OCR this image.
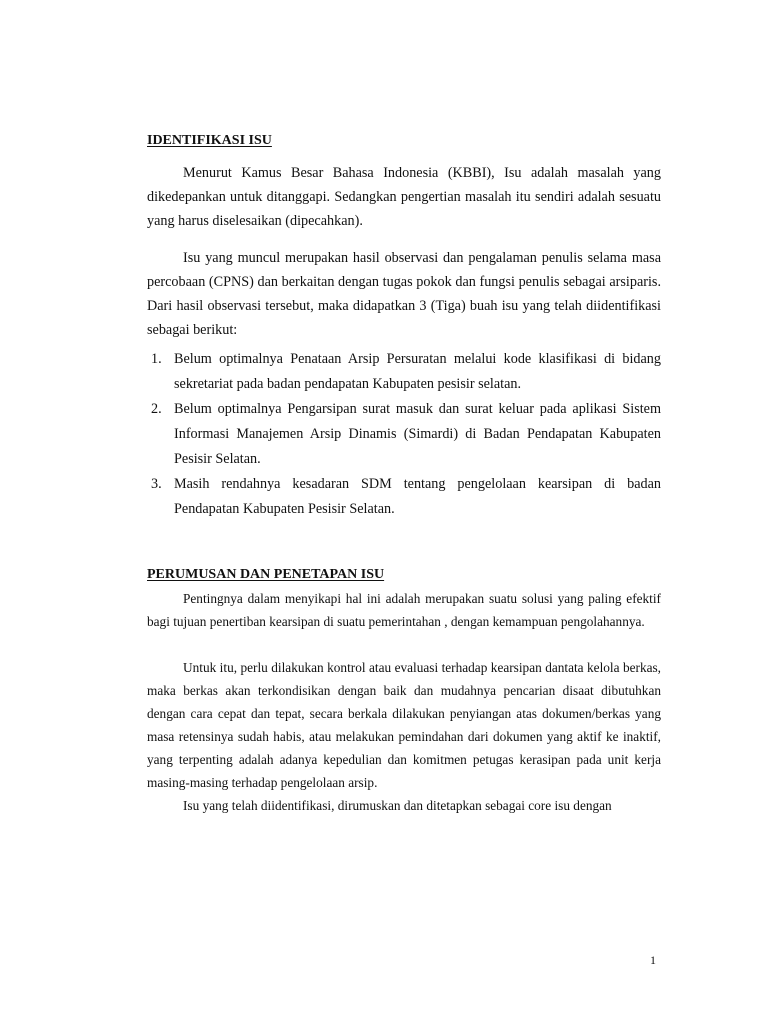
IDENTIFIKASI ISU

Menurut Kamus Besar Bahasa Indonesia (KBBI), Isu adalah masalah yang dikedepankan untuk ditanggapi. Sedangkan pengertian masalah itu sendiri adalah sesuatu yang harus diselesaikan (dipecahkan).

Isu yang muncul merupakan hasil observasi dan pengalaman penulis selama masa percobaan (CPNS) dan berkaitan dengan tugas pokok dan fungsi penulis sebagai arsiparis. Dari hasil observasi tersebut, maka didapatkan 3 (Tiga) buah isu yang telah diidentifikasi sebagai berikut:

1. Belum optimalnya Penataan Arsip Persuratan melalui kode klasifikasi di bidang sekretariat pada badan pendapatan Kabupaten pesisir selatan.
2. Belum optimalnya Pengarsipan surat masuk dan surat keluar pada aplikasi Sistem Informasi Manajemen Arsip Dinamis (Simardi) di Badan Pendapatan Kabupaten Pesisir Selatan.
3. Masih rendahnya kesadaran SDM tentang pengelolaan kearsipan di badan Pendapatan Kabupaten Pesisir Selatan.
PERUMUSAN DAN PENETAPAN ISU

Pentingnya dalam menyikapi hal ini adalah merupakan suatu solusi yang paling efektif bagi tujuan penertiban kearsipan di suatu pemerintahan , dengan kemampuan pengolahannya.

Untuk itu, perlu dilakukan kontrol atau evaluasi terhadap kearsipan dantata kelola berkas, maka berkas akan terkondisikan dengan baik dan mudahnya pencarian disaat dibutuhkan dengan cara cepat dan tepat, secara berkala dilakukan penyiangan atas dokumen/berkas yang masa retensinya sudah habis, atau melakukan pemindahan dari dokumen yang aktif ke inaktif, yang terpenting adalah adanya kepedulian dan komitmen petugas kerasipan pada unit kerja masing-masing terhadap pengelolaan arsip.

Isu yang telah diidentifikasi, dirumuskan dan ditetapkan sebagai core isu dengan

1
